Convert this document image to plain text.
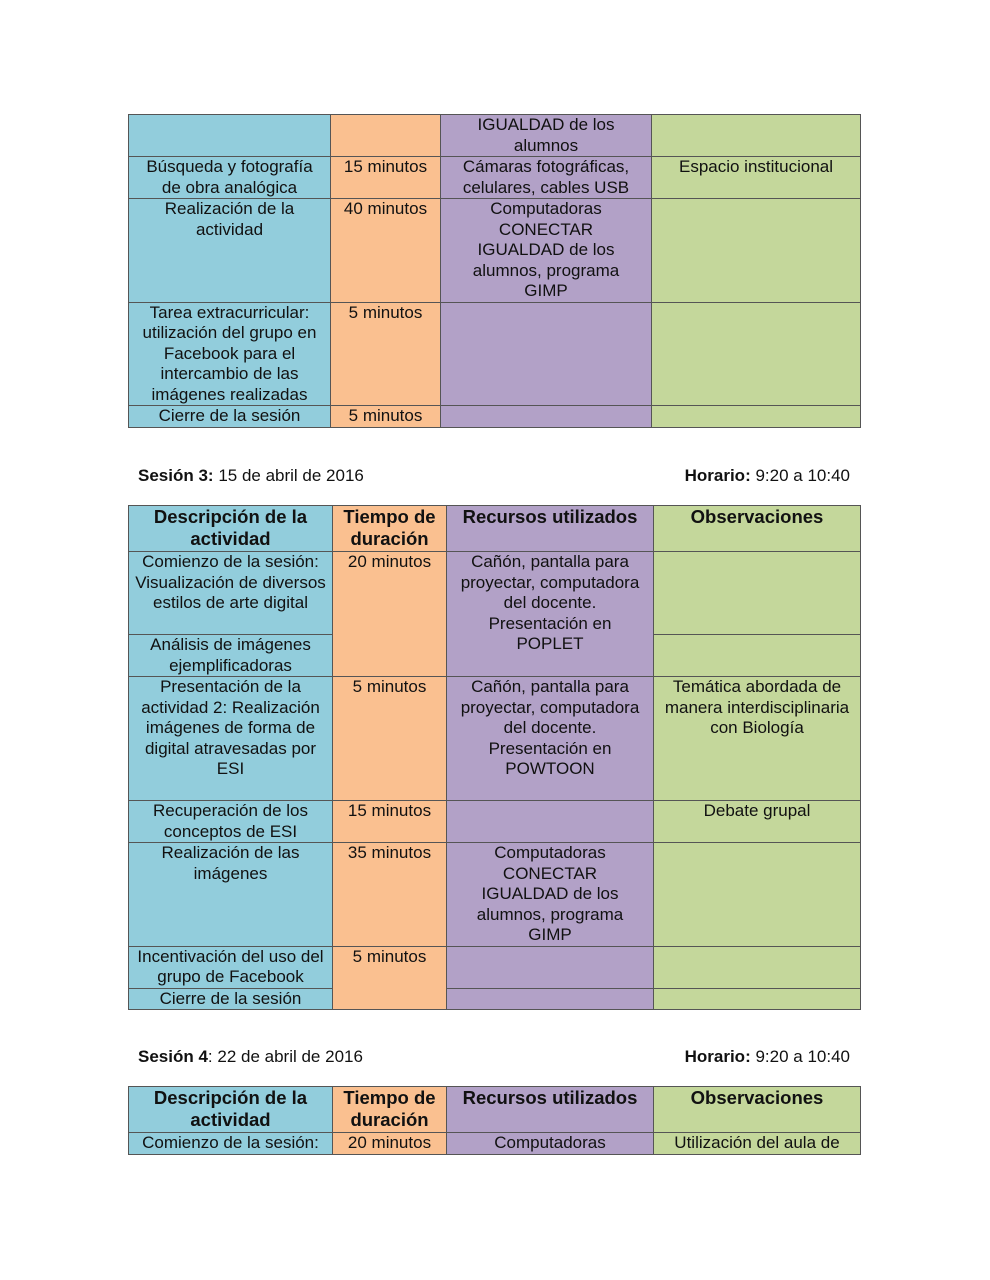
		IGUALDAD de los alumnos	
Búsqueda y fotografía de obra analógica	15 minutos	Cámaras fotográficas, celulares, cables USB	Espacio institucional
Realización de la actividad	40 minutos	Computadoras CONECTAR IGUALDAD de los alumnos, programa GIMP	
Tarea extracurricular: utilización del grupo en Facebook para el intercambio de las imágenes realizadas	5 minutos		
Cierre de la sesión	5 minutos		
Sesión 3: 15 de abril de 2016	Horario: 9:20 a 10:40
Descripción de la actividad	Tiempo de duración	Recursos utilizados	Observaciones
Comienzo de la sesión: Visualización de diversos estilos de arte digital	20 minutos	Cañón, pantalla para proyectar, computadora del docente. Presentación en POPLET	
Análisis de imágenes ejemplificadoras			
Presentación de la actividad 2: Realización imágenes de forma de digital atravesadas por ESI	5 minutos	Cañón, pantalla para proyectar, computadora del docente. Presentación en POWTOON	Temática abordada de manera interdisciplinaria con Biología
Recuperación de los conceptos de ESI	15 minutos		Debate grupal
Realización de las imágenes	35 minutos	Computadoras CONECTAR IGUALDAD de los alumnos, programa GIMP	
Incentivación del uso del grupo de Facebook	5 minutos		
Cierre de la sesión			
Sesión 4: 22 de abril de 2016	Horario: 9:20 a 10:40
Descripción de la actividad	Tiempo de duración	Recursos utilizados	Observaciones
Comienzo de la sesión:	20 minutos	Computadoras	Utilización del aula de
